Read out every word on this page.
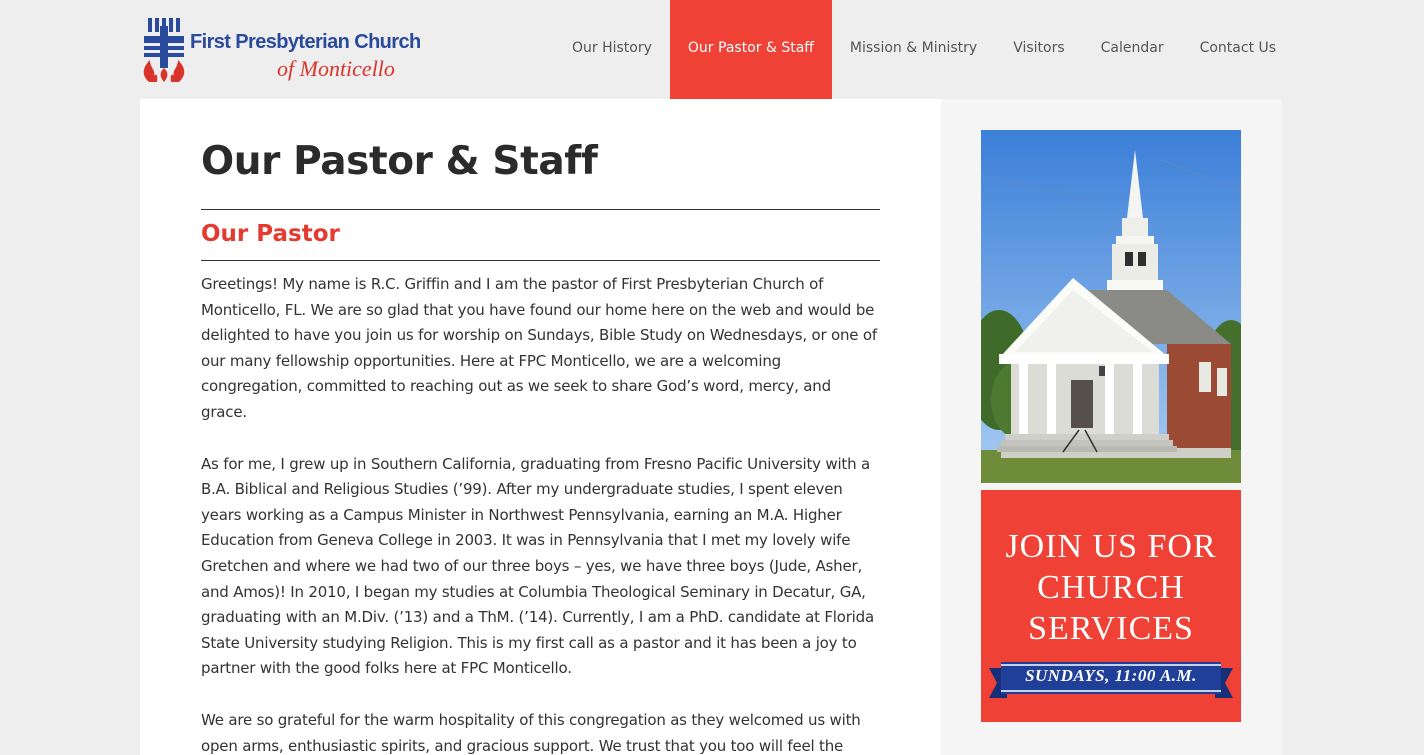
First Presbyterian Church
of Monticello
Our History	Our Pastor & Staff	Mission & Ministry	Visitors	Calendar	Contact Us
Our Pastor & Staff
Our Pastor

Greetings! My name is R.C. Griffin and I am the pastor of First Presbyterian Church of Monticello, FL. We are so glad that you have found our home here on the web and would be delighted to have you join us for worship on Sundays, Bible Study on Wednesdays, or one of our many fellowship opportunities. Here at FPC Monticello, we are a welcoming congregation, committed to reaching out as we seek to share God’s word, mercy, and grace.

As for me, I grew up in Southern California, graduating from Fresno Pacific University with a B.A. Biblical and Religious Studies (’99). After my undergraduate studies, I spent eleven years working as a Campus Minister in Northwest Pennsylvania, earning an M.A. Higher Education from Geneva College in 2003. It was in Pennsylvania that I met my lovely wife Gretchen and where we had two of our three boys – yes, we have three boys (Jude, Asher, and Amos)! In 2010, I began my studies at Columbia Theological Seminary in Decatur, GA, graduating with an M.Div. (’13) and a ThM. (’14). Currently, I am a PhD. candidate at Florida State University studying Religion. This is my first call as a pastor and it has been a joy to partner with the good folks here at FPC Monticello.

We are so grateful for the warm hospitality of this congregation as they welcomed us with open arms, enthusiastic spirits, and gracious support. We trust that you too will feel the

JOIN US FOR
CHURCH
SERVICES
SUNDAYS, 11:00 A.M.
